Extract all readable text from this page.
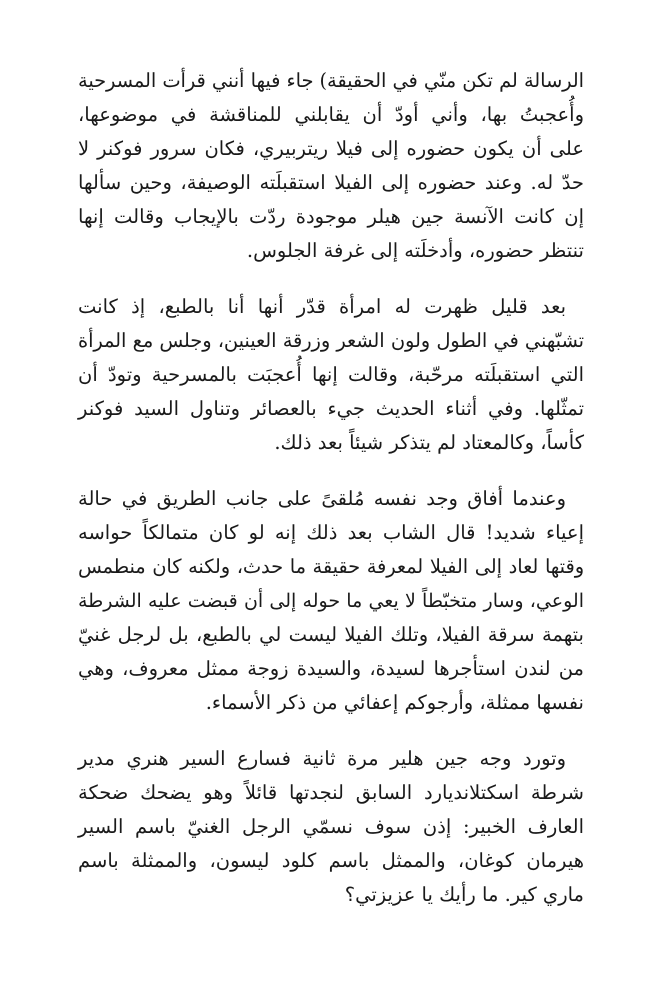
الرسالة لم تكن منّي في الحقيقة) جاء فيها أنني قرأت المسرحية
وأُعجبتُ بها، وأني أودّ أن يقابلني للمناقشة في موضوعها،
على أن يكون حضوره إلى فيلا ريتربيري، فكان سرور فوكنر لا
حدّ له. وعند حضوره إلى الفيلا استقبلَته الوصيفة، وحين سألها
إن كانت الآنسة جين هيلر موجودة ردّت بالإيجاب وقالت إنها
تنتظر حضوره، وأدخلَته إلى غرفة الجلوس.
بعد قليل ظهرت له امرأة قدّر أنها أنا بالطبع، إذ كانت
تشبّهني في الطول ولون الشعر وزرقة العينين، وجلس مع المرأة
التي استقبلَته مرحّبة، وقالت إنها أُعجبَت بالمسرحية وتودّ أن
تمثّلها. وفي أثناء الحديث جيء بالعصائر وتناول السيد فوكنر
كأساً، وكالمعتاد لم يتذكر شيئاً بعد ذلك.
وعندما أفاق وجد نفسه مُلقىً على جانب الطريق في حالة
إعياء شديد! قال الشاب بعد ذلك إنه لو كان متمالكاً حواسه
وقتها لعاد إلى الفيلا لمعرفة حقيقة ما حدث، ولكنه كان منطمس
الوعي، وسار متخبّطاً لا يعي ما حوله إلى أن قبضت عليه الشرطة
بتهمة سرقة الفيلا، وتلك الفيلا ليست لي بالطبع، بل لرجل غنيّ
من لندن استأجرها لسيدة، والسيدة زوجة ممثل معروف، وهي
نفسها ممثلة، وأرجوكم إعفائي من ذكر الأسماء.
وتورد وجه جين هلير مرة ثانية فسارع السير هنري مدير
شرطة اسكتلانديارد السابق لنجدتها قائلاً وهو يضحك ضحكة
العارف الخبير: إذن سوف نسمّي الرجل الغنيّ باسم السير
هيرمان كوغان، والممثل باسم كلود ليسون، والممثلة باسم
ماري كير. ما رأيك يا عزيزتي؟
